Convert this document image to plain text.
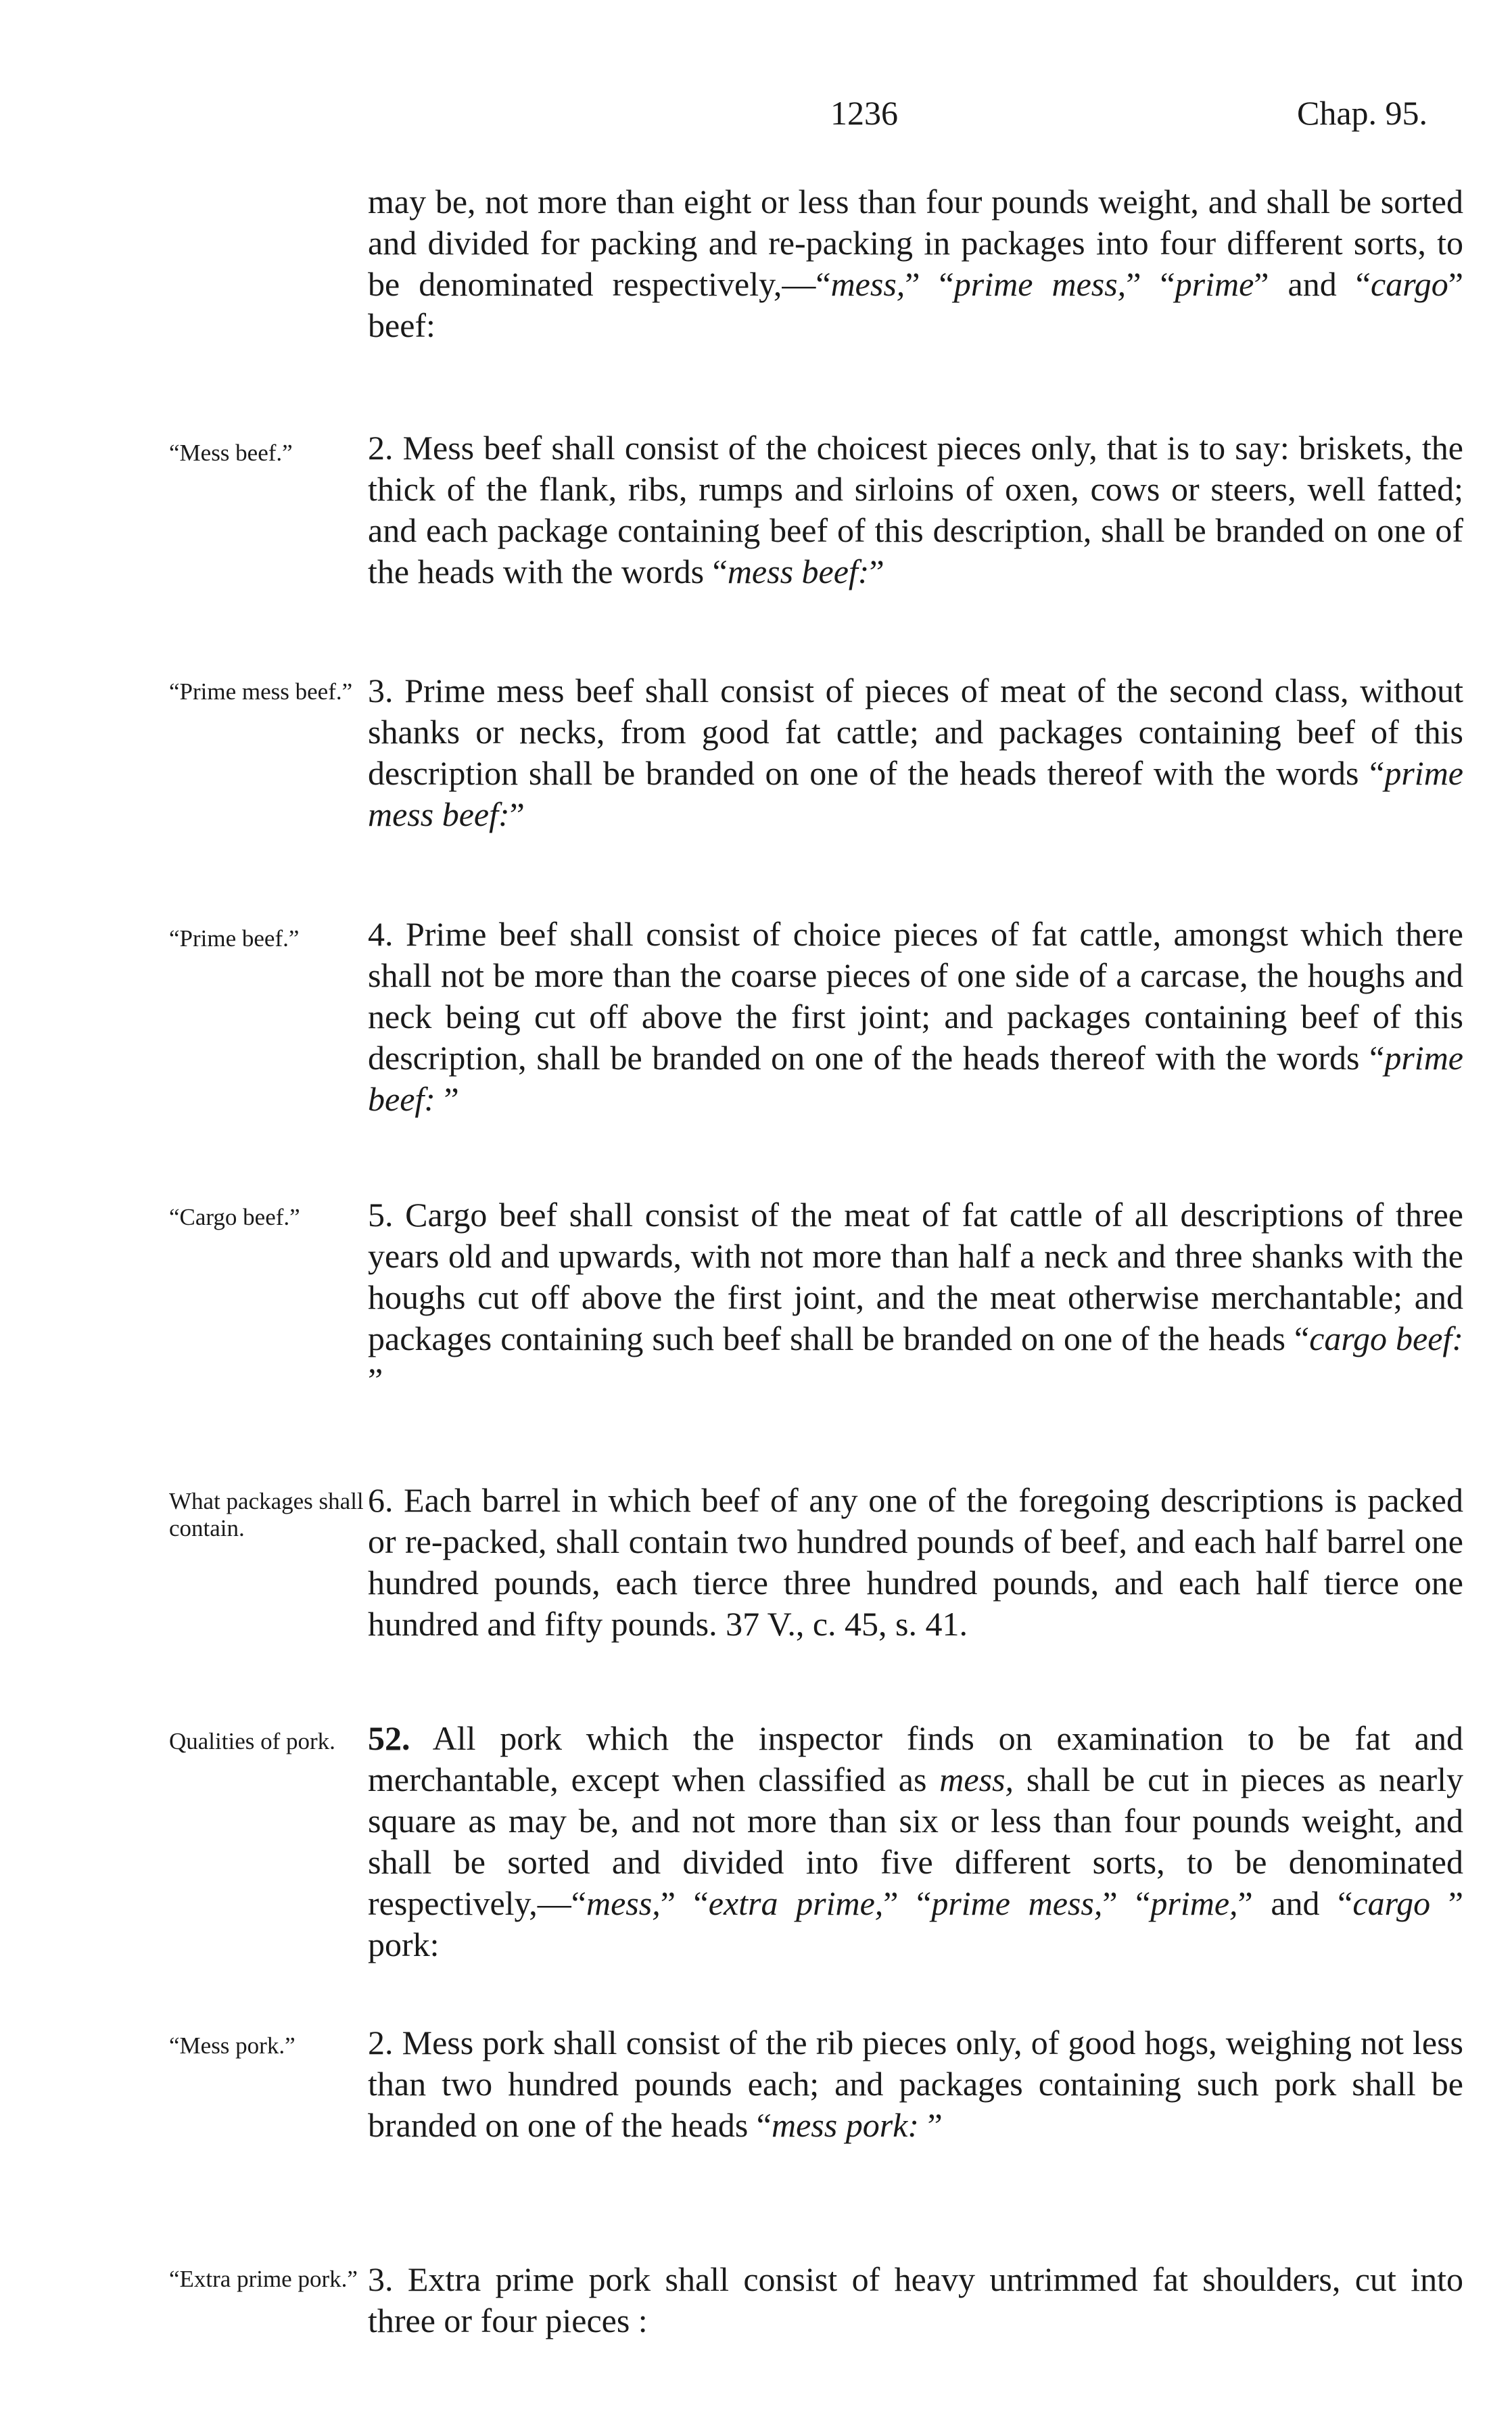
1236	Chap. 95.

may be, not more than eight or less than four pounds weight, and shall be sorted and divided for packing and re-packing in packages into four different sorts, to be denominated respectively,—“mess,” “prime mess,” “prime” and “cargo” beef:

“Mess beef.”	2. Mess beef shall consist of the choicest pieces only, that is to say: briskets, the thick of the flank, ribs, rumps and sirloins of oxen, cows or steers, well fatted; and each package containing beef of this description, shall be branded on one of the heads with the words “mess beef:”

“Prime mess beef.” 3. Prime mess beef shall consist of pieces of meat of the second class, without shanks or necks, from good fat cattle; and packages containing beef of this description shall be branded on one of the heads thereof with the words “prime mess beef:”

“Prime beef.”	4. Prime beef shall consist of choice pieces of fat cattle, amongst which there shall not be more than the coarse pieces of one side of a carcase, the houghs and neck being cut off above the first joint; and packages containing beef of this description, shall be branded on one of the heads thereof with the words “prime beef: ”

“Cargo beef.”	5. Cargo beef shall consist of the meat of fat cattle of all descriptions of three years old and upwards, with not more than half a neck and three shanks with the houghs cut off above the first joint, and the meat otherwise merchantable; and packages containing such beef shall be branded on one of the heads “cargo beef: ”

What packages shall contain.

6. Each barrel in which beef of any one of the foregoing descriptions is packed or re-packed, shall contain two hundred pounds of beef, and each half barrel one hundred pounds, each tierce three hundred pounds, and each half tierce one hundred and fifty pounds. 37 V., c. 45, s. 41.

Qualities of pork. 52. All pork which the inspector finds on examination to be fat and merchantable, except when classified as mess, shall be cut in pieces as nearly square as may be, and not more than six or less than four pounds weight, and shall be sorted and divided into five different sorts, to be denominated respectively,—“mess,” “extra prime,” “prime mess,” “prime,” and “cargo ” pork:

“Mess pork.”	2. Mess pork shall consist of the rib pieces only, of good hogs, weighing not less than two hundred pounds each; and packages containing such pork shall be branded on one of the heads “mess pork: ”

“Extra prime pork.” 3. Extra prime pork shall consist of heavy untrimmed fat shoulders, cut into three or four pieces :
